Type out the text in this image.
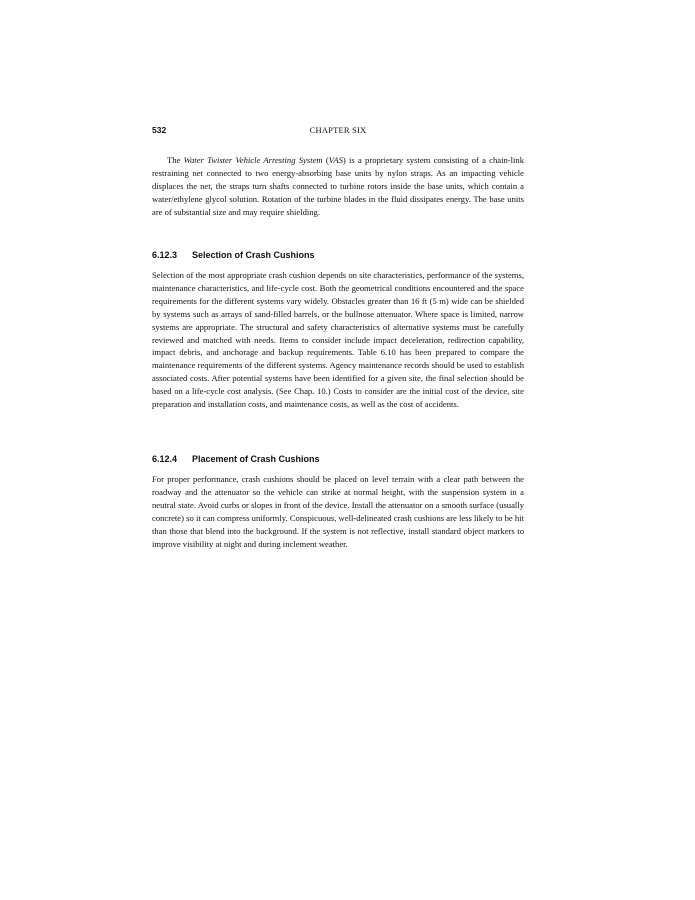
532	CHAPTER SIX

The Water Twister Vehicle Arresting System (VAS) is a proprietary system consisting of a chain-link restraining net connected to two energy-absorbing base units by nylon straps. As an impacting vehicle displaces the net, the straps turn shafts connected to turbine rotors inside the base units, which contain a water/ethylene glycol solution. Rotation of the turbine blades in the fluid dissipates energy. The base units are of substantial size and may require shielding.

6.12.3 Selection of Crash Cushions

Selection of the most appropriate crash cushion depends on site characteristics, performance of the systems, maintenance characteristics, and life-cycle cost. Both the geometrical conditions encountered and the space requirements for the different systems vary widely. Obstacles greater than 16 ft (5 m) wide can be shielded by systems such as arrays of sand-filled barrels, or the bullnose attenuator. Where space is limited, narrow systems are appropriate. The structural and safety characteristics of alternative systems must be carefully reviewed and matched with needs. Items to consider include impact deceleration, redirection capability, impact debris, and anchorage and backup requirements. Table 6.10 has been prepared to compare the maintenance requirements of the different systems. Agency maintenance records should be used to establish associated costs. After potential systems have been identified for a given site, the final selection should be based on a life-cycle cost analysis. (See Chap. 10.) Costs to consider are the initial cost of the device, site preparation and installation costs, and maintenance costs, as well as the cost of accidents.

6.12.4 Placement of Crash Cushions

For proper performance, crash cushions should be placed on level terrain with a clear path between the roadway and the attenuator so the vehicle can strike at normal height, with the suspension system in a neutral state. Avoid curbs or slopes in front of the device. Install the attenuator on a smooth surface (usually concrete) so it can compress uniformly. Conspicuous, well-delineated crash cushions are less likely to be hit than those that blend into the background. If the system is not reflective, install standard object markers to improve visibility at night and during inclement weather.
